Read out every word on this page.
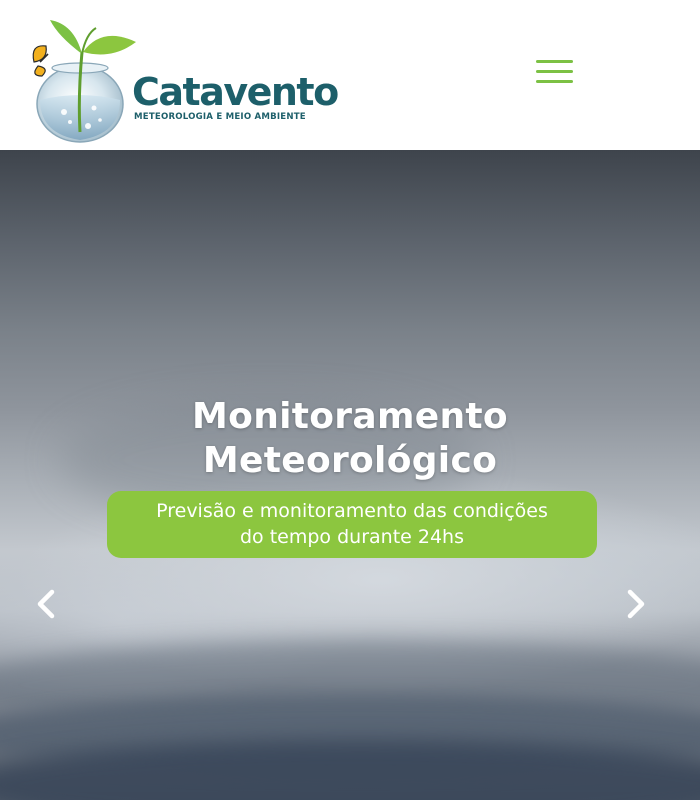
Catavento
METEOROLOGIA E MEIO AMBIENTE
Monitoramento
Meteorológico
Previsão e monitoramento das condições
do tempo durante 24hs
